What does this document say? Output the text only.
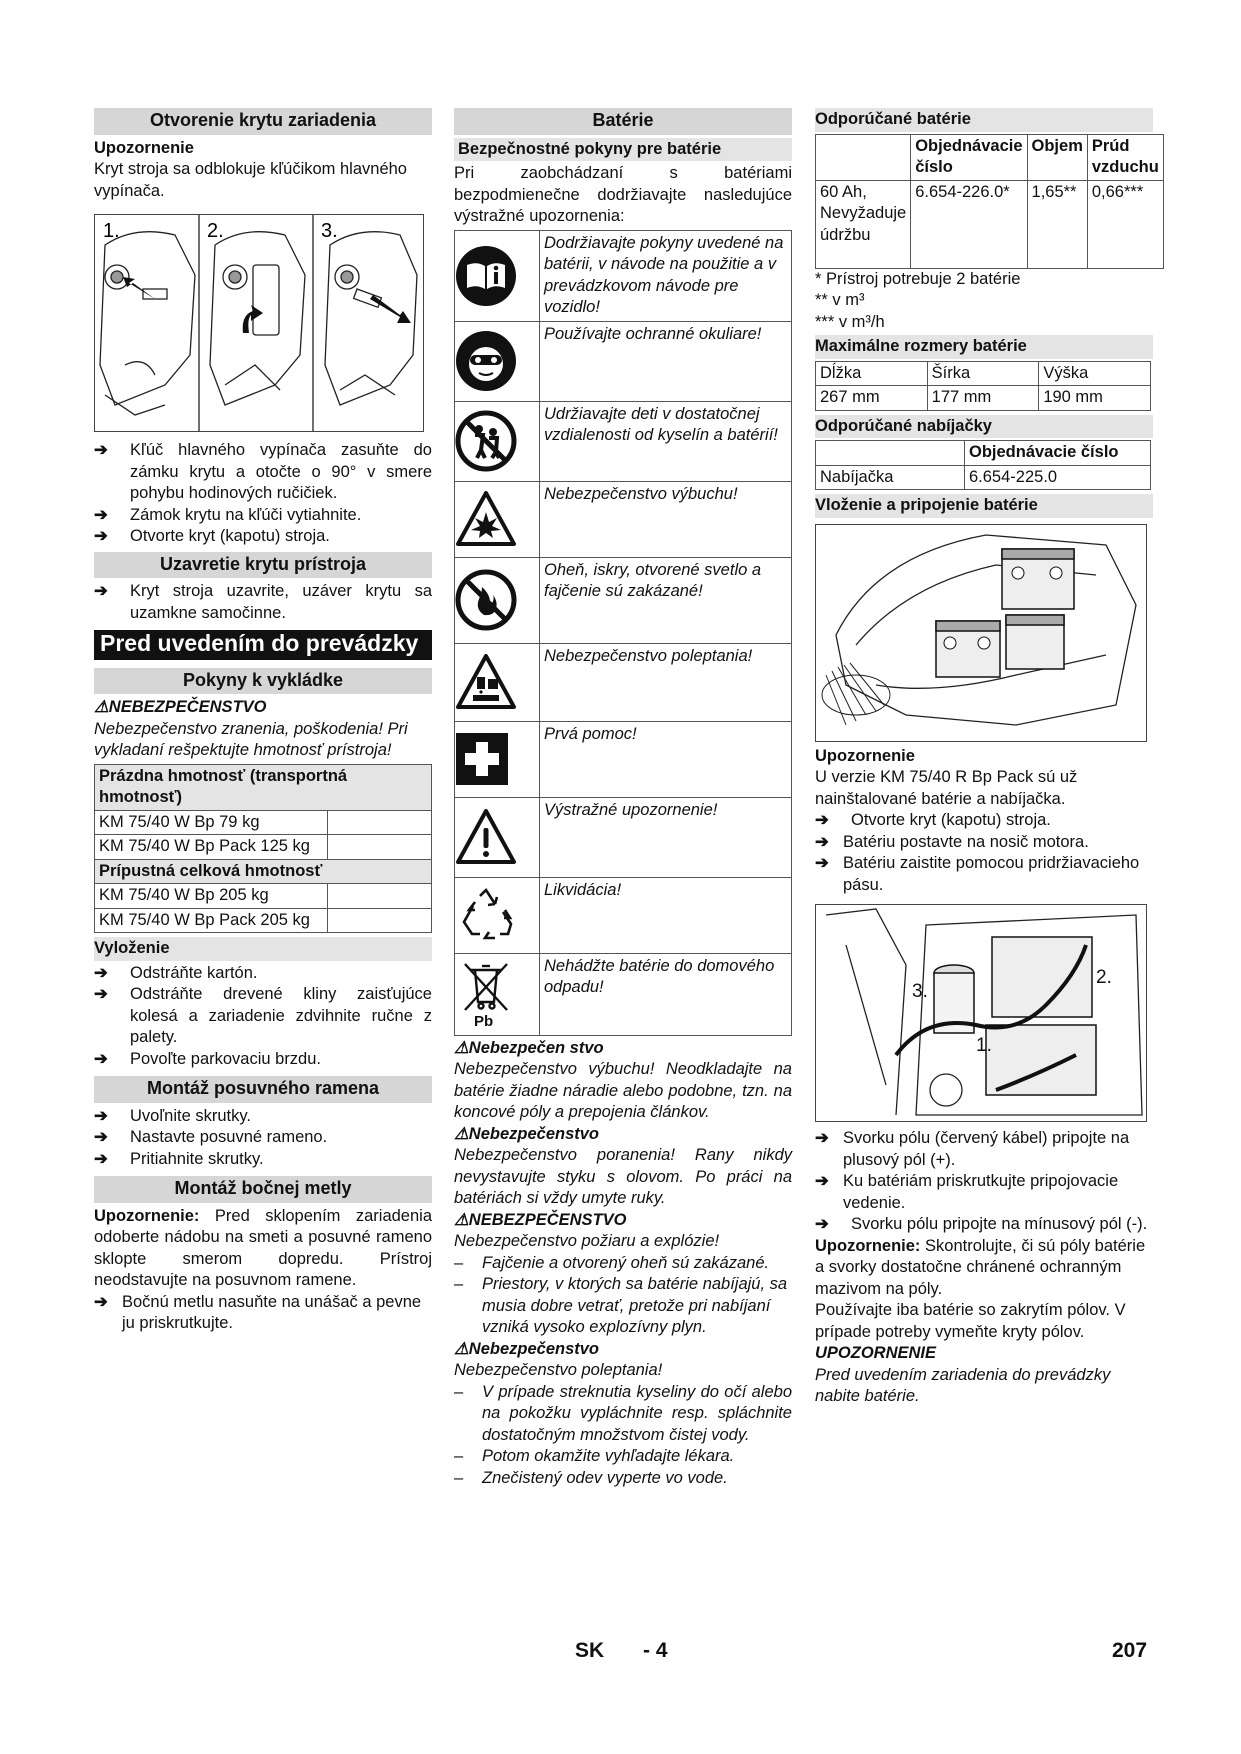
Otvorenie krytu zariadenia

Upozornenie

Kryt stroja sa odblokuje kľúčikom hlavného vypínača.

1.	2.	3.
➔ Kľúč hlavného vypínača zasuňte do zámku krytu a otočte o 90° v smere pohybu hodinových ručičiek.
➔ Zámok krytu na kľúči vytiahnite.
➔ Otvorte kryt (kapotu) stroja.
Uzavretie krytu prístroja
➔ Kryt stroja uzavrite, uzáver krytu sa uzamkne samočinne.
Pred uvedením do prevádzky
Pokyny k vykládke

⚠NEBEZPEČENSTVO

Nebezpečenstvo zranenia, poškodenia! Pri vykladaní rešpektujte hmotnosť prístroja!

Prázdna hmotnosť (transportná hmotnosť)	
KM 75/40 W Bp 79 kg	
KM 75/40 W Bp Pack 125 kg	
Prípustná celková hmotnosť	
KM 75/40 W Bp 205 kg	
KM 75/40 W Bp Pack 205 kg	
Vyloženie
➔ Odstráňte kartón.
➔ Odstráňte drevené kliny zaisťujúce kolesá a zariadenie zdvihnite ručne z palety.
➔ Povoľte parkovaciu brzdu.
Montáž posuvného ramena
➔ Uvoľnite skrutky.
➔ Nastavte posuvné rameno.
➔ Pritiahnite skrutky.
Montáž bočnej metly

Upozornenie: Pred sklopením zariadenia odoberte nádobu na smeti a posuvné rameno sklopte smerom dopredu. Prístroj neodstavujte na posuvnom ramene.

➔ Bočnú metlu nasuňte na unášač a pevne ju priskrutkujte.
Batérie
Bezpečnostné pokyny pre batérie

Pri zaobchádzaní s batériami bezpodmienečne dodržiavajte nasledujúce výstražné upozornenia:

	Dodržiavajte pokyny uvedené na batérii, v návode na použitie a v prevádzkovom návode pre vozidlo!

	Používajte ochranné okuliare!

	Udržiavajte deti v dostatočnej vzdialenosti od kyselín a batérií!

	Nebezpečenstvo výbuchu!

	Oheň, iskry, otvorené svetlo a fajčenie sú zakázané!

	Nebezpečenstvo poleptania!

	Prvá pomoc!

	Výstražné upozornenie!

	Likvidácia!

Pb	Nehádžte batérie do domového odpadu!

⚠Nebezpečen stvo

Nebezpečenstvo výbuchu! Neodkladajte na batérie žiadne náradie alebo podobne, tzn. na koncové póly a prepojenia článkov.

⚠Nebezpečenstvo

Nebezpečenstvo poranenia! Rany nikdy nevystavujte styku s olovom. Po práci na batériách si vždy umyte ruky.

⚠NEBEZPEČENSTVO

Nebezpečenstvo požiaru a explózie!

– Fajčenie a otvorený oheň sú zakázané.
– Priestory, v ktorých sa batérie nabíjajú, sa musia dobre vetrať, pretože pri nabíjaní vzniká vysoko explozívny plyn.

⚠Nebezpečenstvo

Nebezpečenstvo poleptania!

– V prípade streknutia kyseliny do očí alebo na pokožku vypláchnite resp. spláchnite dostatočným množstvom čistej vody.
– Potom okamžite vyhľadajte lékara.
– Znečistený odev vyperte vo vode.
Odporúčané batérie
	Objednávacie číslo	Objem	Prúd vzduchu
60 Ah, Nevyžaduje údržbu	6.654-226.0*	1,65**	0,66***

* Prístroj potrebuje 2 batérie

** v m³

*** v m³/h

Maximálne rozmery batérie
Dĺžka	Šírka	Výška
267 mm	177 mm	190 mm
Odporúčané nabíjačky
	Objednávacie číslo
Nabíjačka	6.654-225.0
Vloženie a pripojenie batérie

Upozornenie

U verzie KM 75/40 R Bp Pack sú už nainštalované batérie a nabíjačka.

➔ Otvorte kryt (kapotu) stroja.
➔ Batériu postavte na nosič motora.
➔ Batériu zaistite pomocou pridržiavacieho pásu.
3.
1.
2.
➔ Svorku pólu (červený kábel) pripojte na plusový pól (+).
➔ Ku batériám priskrutkujte pripojovacie vedenie.
➔ Svorku pólu pripojte na mínusový pól (-).

Upozornenie: Skontrolujte, či sú póly batérie a svorky dostatočne chránené ochranným mazivom na póly.

Používajte iba batérie so zakrytím pólov. V prípade potreby vymeňte kryty pólov.

UPOZORNENIE

Pred uvedením zariadenia do prevádzky nabite batérie.

SK - 4	207
